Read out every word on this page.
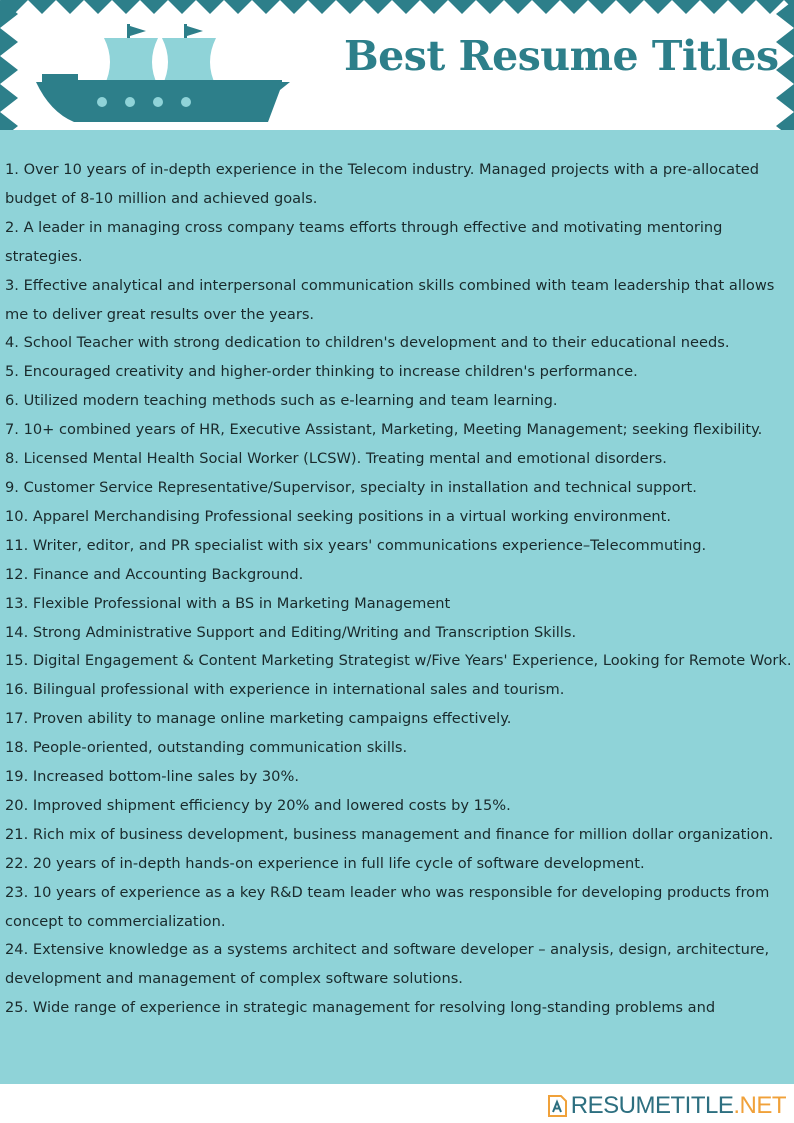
Best Resume Titles
1. Over 10 years of in-depth experience in the Telecom industry. Managed projects with a pre-allocated budget of 8-10 million and achieved goals.
2. A leader in managing cross company teams efforts through effective and motivating mentoring strategies.
3. Effective analytical and interpersonal communication skills combined with team leadership that allows me to deliver great results over the years.
4. School Teacher with strong dedication to children's development and to their educational needs.
5. Encouraged creativity and higher-order thinking to increase children's performance.
6. Utilized modern teaching methods such as e-learning and team learning.
7. 10+ combined years of HR, Executive Assistant, Marketing, Meeting Management; seeking flexibility.
8. Licensed Mental Health Social Worker (LCSW). Treating mental and emotional disorders.
9. Customer Service Representative/Supervisor, specialty in installation and technical support.
10. Apparel Merchandising Professional seeking positions in a virtual working environment.
11. Writer, editor, and PR specialist with six years' communications experience–Telecommuting.
12. Finance and Accounting Background.
13. Flexible Professional with a BS in Marketing Management
14. Strong Administrative Support and Editing/Writing and Transcription Skills.
15. Digital Engagement & Content Marketing Strategist w/Five Years' Experience, Looking for Remote Work.
16. Bilingual professional with experience in international sales and tourism.
17. Proven ability to manage online marketing campaigns effectively.
18. People-oriented, outstanding communication skills.
19. Increased bottom-line sales by 30%.
20. Improved shipment efficiency by 20% and lowered costs by 15%.
21. Rich mix of business development, business management and finance for million dollar organization.
22. 20 years of in-depth hands-on experience in full life cycle of software development.
23. 10 years of experience as a key R&D team leader who was responsible for developing products from concept to commercialization.
24. Extensive knowledge as a systems architect and software developer – analysis, design, architecture, development and management of complex software solutions.
25. Wide range of experience in strategic management for resolving long-standing problems and
RESUME TITLE .NET
